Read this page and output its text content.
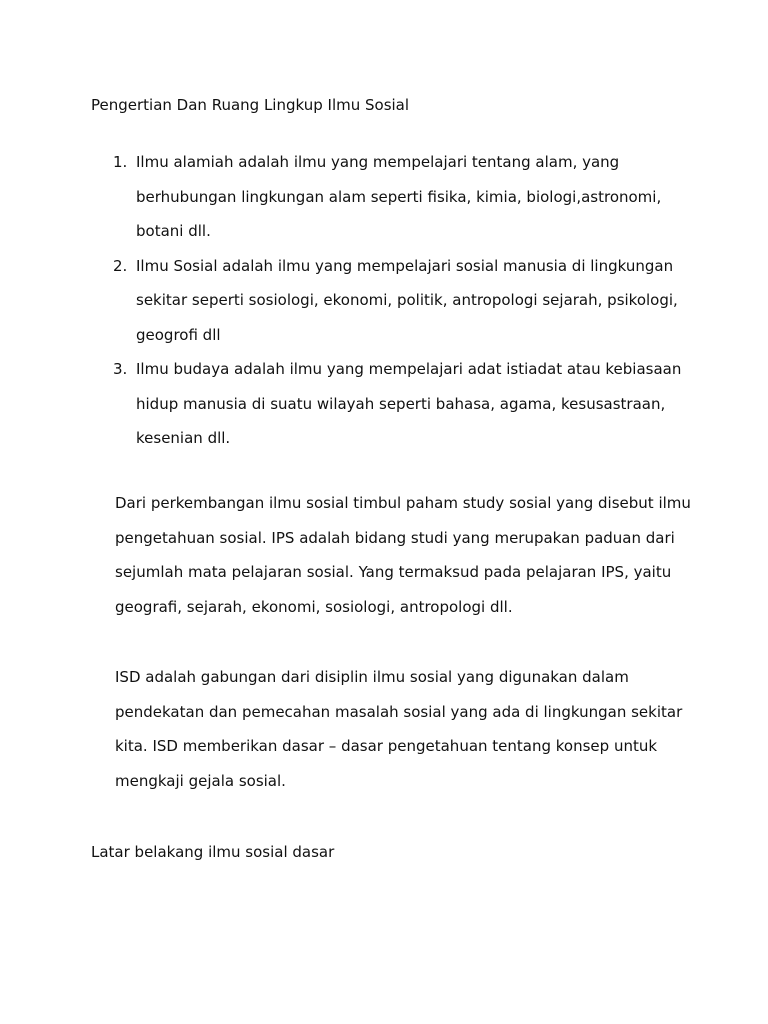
Pengertian Dan Ruang Lingkup Ilmu Sosial
1. Ilmu alamiah adalah ilmu yang mempelajari tentang alam, yang berhubungan lingkungan alam seperti fisika, kimia, biologi,astronomi, botani dll.
2. Ilmu Sosial adalah ilmu yang mempelajari sosial manusia di lingkungan sekitar seperti sosiologi, ekonomi, politik, antropologi sejarah, psikologi, geogrofi dll
3. Ilmu budaya adalah ilmu yang mempelajari adat istiadat atau kebiasaan hidup manusia di suatu wilayah seperti bahasa, agama, kesusastraan, kesenian dll.

Dari perkembangan ilmu sosial timbul paham study sosial yang disebut ilmu pengetahuan sosial. IPS adalah bidang studi yang merupakan paduan dari sejumlah mata pelajaran sosial. Yang termaksud pada pelajaran IPS, yaitu geografi, sejarah, ekonomi, sosiologi, antropologi dll.

ISD adalah gabungan dari disiplin ilmu sosial yang digunakan dalam pendekatan dan pemecahan masalah sosial yang ada di lingkungan sekitar kita. ISD memberikan dasar – dasar pengetahuan tentang konsep untuk mengkaji gejala sosial.

Latar belakang ilmu sosial dasar
